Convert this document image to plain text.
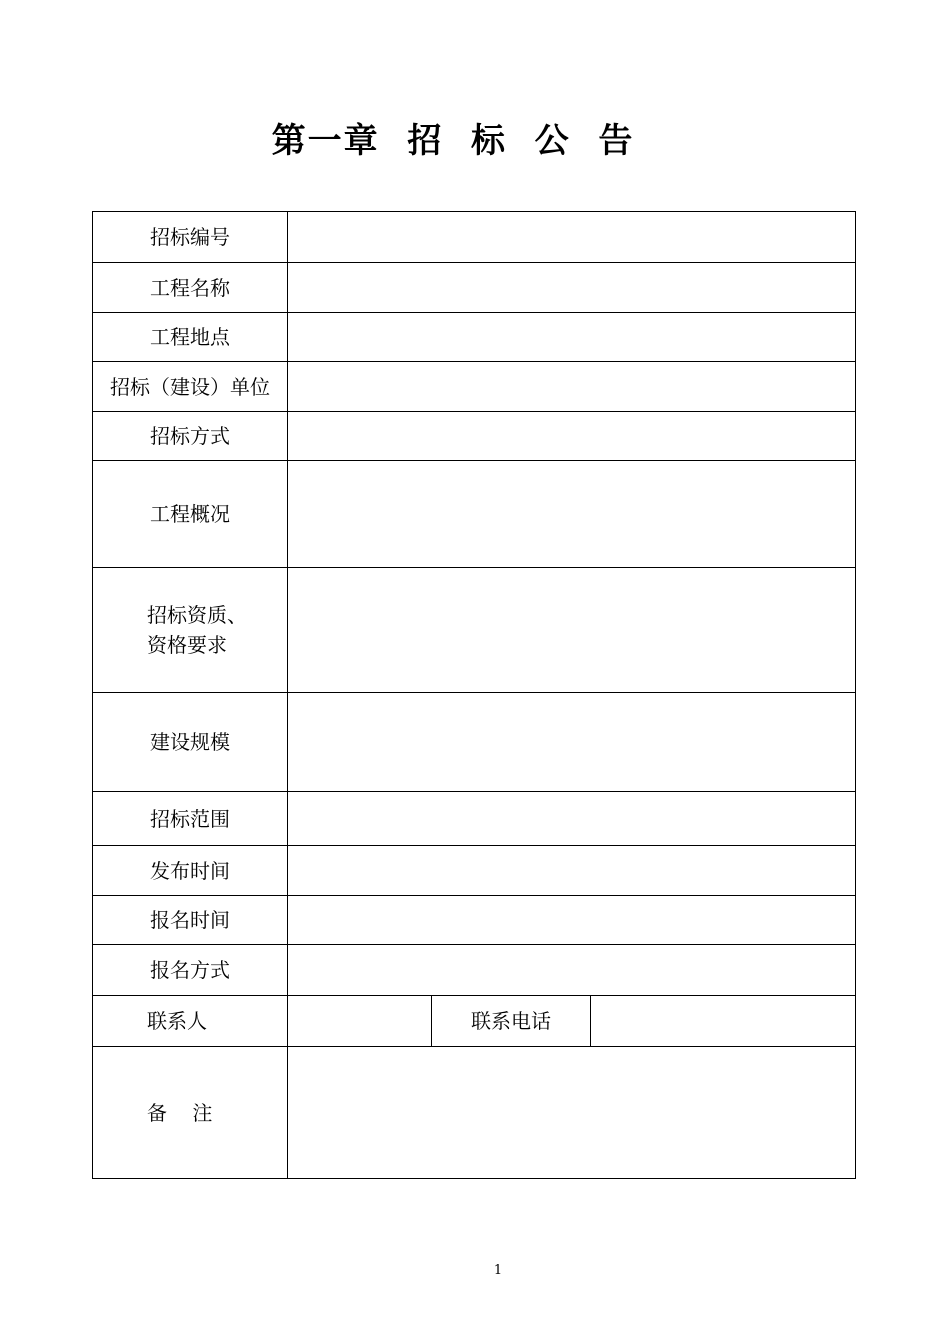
第一章  招  标  公  告
招标编号			
工程名称			
工程地点			
招标（建设）单位			
招标方式			
工程概况			

招标资质、
资格要求			

建设规模			
招标范围			
发布时间			
报名时间			
报名方式			
联系人		联系电话	
备    注			
1
